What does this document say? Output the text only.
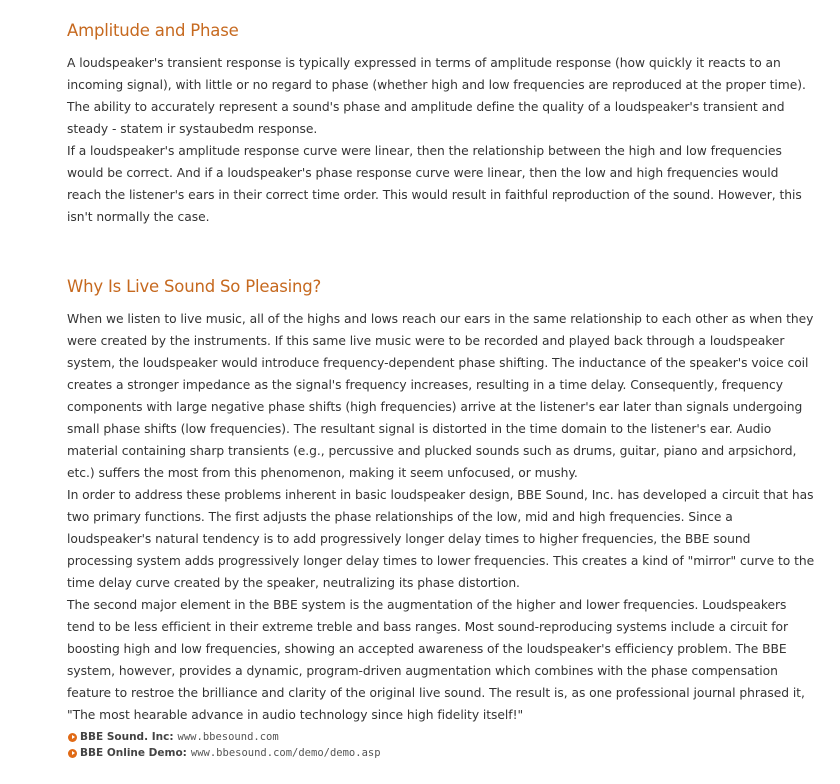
Amplitude and Phase

A loudspeaker's transient response is typically expressed in terms of amplitude response (how quickly it reacts to an incoming signal), with little or no regard to phase (whether high and low frequencies are reproduced at the proper time). The ability to accurately represent a sound's phase and amplitude define the quality of a loudspeaker's transient and steady - statem ir systaubedm response.

If a loudspeaker's amplitude response curve were linear, then the relationship between the high and low frequencies would be correct. And if a loudspeaker's phase response curve were linear, then the low and high frequencies would reach the listener's ears in their correct time order. This would result in faithful reproduction of the sound. However, this isn't normally the case.

Why Is Live Sound So Pleasing?

When we listen to live music, all of the highs and lows reach our ears in the same relationship to each other as when they were created by the instruments. If this same live music were to be recorded and played back through a loudspeaker system, the loudspeaker would introduce frequency-dependent phase shifting. The inductance of the speaker's voice coil creates a stronger impedance as the signal's frequency increases, resulting in a time delay. Consequently, frequency components with large negative phase shifts (high frequencies) arrive at the listener's ear later than signals undergoing small phase shifts (low frequencies). The resultant signal is distorted in the time domain to the listener's ear. Audio material containing sharp transients (e.g., percussive and plucked sounds such as drums, guitar, piano and arpsichord, etc.) suffers the most from this phenomenon, making it seem unfocused, or mushy.

In order to address these problems inherent in basic loudspeaker design, BBE Sound, Inc. has developed a circuit that has two primary functions. The first adjusts the phase relationships of the low, mid and high frequencies. Since a loudspeaker's natural tendency is to add progressively longer delay times to higher frequencies, the BBE sound processing system adds progressively longer delay times to lower frequencies. This creates a kind of "mirror" curve to the time delay curve created by the speaker, neutralizing its phase distortion.

The second major element in the BBE system is the augmentation of the higher and lower frequencies. Loudspeakers tend to be less efficient in their extreme treble and bass ranges. Most sound-reproducing systems include a circuit for boosting high and low frequencies, showing an accepted awareness of the loudspeaker's efficiency problem. The BBE system, however, provides a dynamic, program-driven augmentation which combines with the phase compensation feature to restroe the brilliance and clarity of the original live sound. The result is, as one professional journal phrased it, "The most hearable advance in audio technology since high fidelity itself!"

BBE Sound. Inc: www.bbesound.com
BBE Online Demo: www.bbesound.com/demo/demo.asp
